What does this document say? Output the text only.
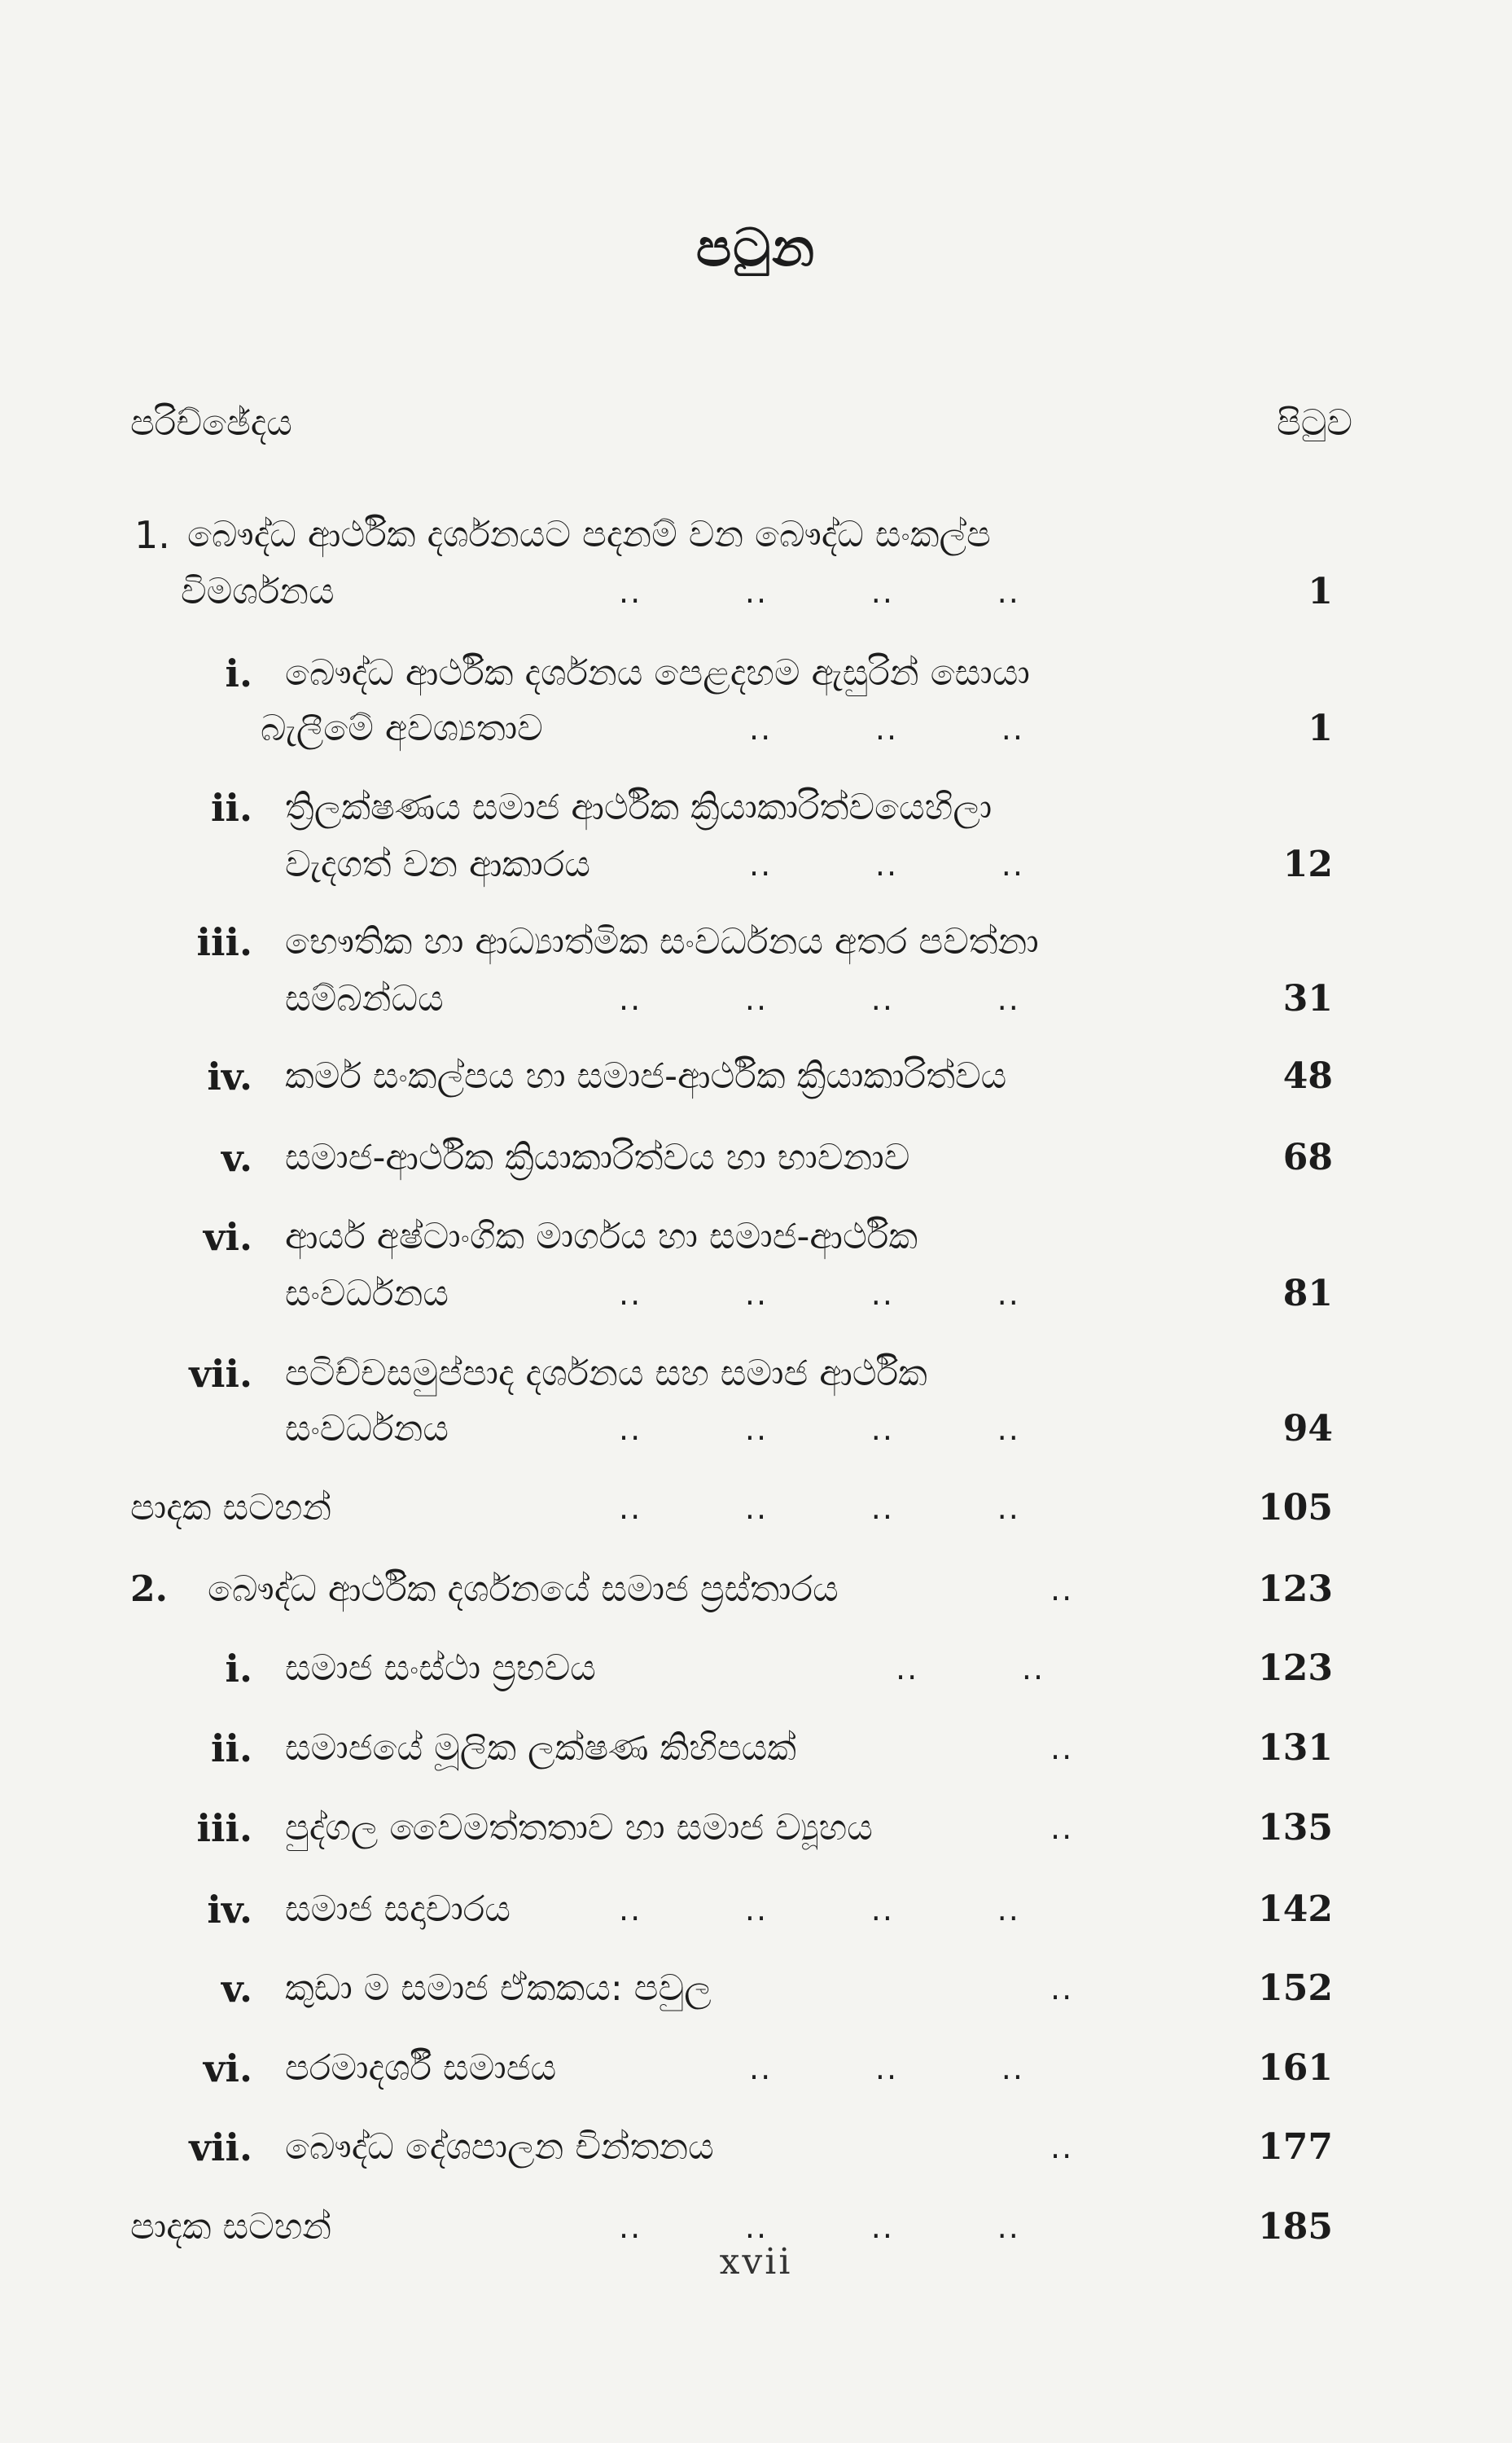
පටුන
පරිච්ඡේදය	පිටුව
1. බෞද්ධ ආර්ථික දර්ශනයට පදනම් වන බෞද්ධ සංකල්ප
විමර්ශනය	..	..	..	..	1
i. බෞද්ධ ආර්ථික දර්ශනය පෙළදහම ඇසුරින් සොයා
බැලීමේ අවශ්‍යතාව	..	..	..	1
ii. ත්‍රිලක්ෂණය සමාජ ආර්ථික ක්‍රියාකාරිත්වයෙහිලා
වැදගත් වන ආකාරය	..	..	..	12
iii. භෞතික හා ආධ්‍යාත්මික සංවර්ධනය අතර පවත්නා
සම්බන්ධය	..	..	..	..	31
iv. කර්ම සංකල්පය හා සමාජ-ආර්ථික ක්‍රියාකාරිත්වය	48
v. සමාජ-ආර්ථික ක්‍රියාකාරිත්වය හා භාවනාව	68
vi. ආර්ය අෂ්ටාංගික මාර්ගය හා සමාජ-ආර්ථික
සංවර්ධනය	..	..	..	..	81
vii. පටිච්චසමුප්පාද දර්ශනය සහ සමාජ ආර්ථික
සංවර්ධනය	..	..	..	..	94
පාදක සටහන්	..	..	..	..	105
2. බෞද්ධ ආර්ථික දර්ශනයේ සමාජ ප්‍රස්තාරය	..	123
i. සමාජ සංස්ථා ප්‍රභවය	..	..	123
ii. සමාජයේ මූලික ලක්ෂණ කිහිපයක්	..	131
iii. පුද්ගල වෛමත්තතාව හා සමාජ ව්‍යූහය	..	135
iv. සමාජ සදාචාරය	..	..	..	..	142
v. කුඩා ම සමාජ ඒකකය: පවුල	..	152
vi. පරමාදර්ශී සමාජය	..	..	..	161
vii. බෞද්ධ දේශපාලන චින්තනය	..	177
පාදක සටහන්	..	..	..	..	185
xvii
